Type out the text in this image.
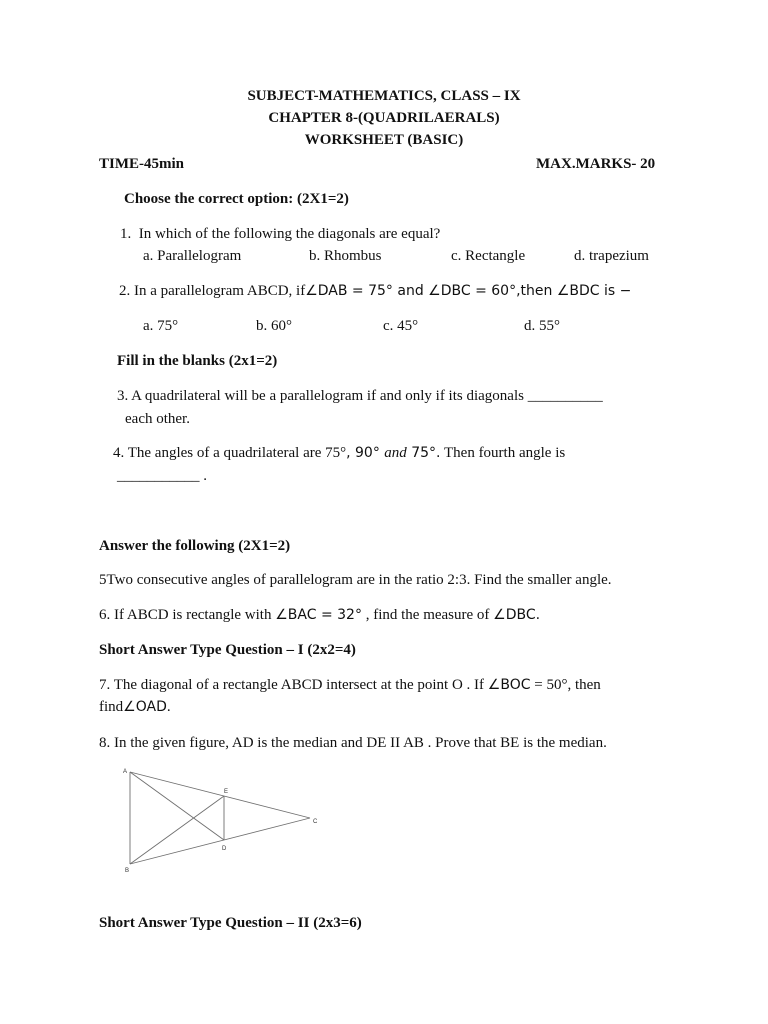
SUBJECT-MATHEMATICS, CLASS – IX
CHAPTER 8-(QUADRILAERALS)
WORKSHEET (BASIC)
TIME-45min	MAX.MARKS- 20
Choose the correct option: (2X1=2)
1. In which of the following the diagonals are equal?
a. Parallelogram	b. Rhombus	c. Rectangle	d. trapezium
2. In a parallelogram ABCD, if∠DAB = 75° and ∠DBC = 60°,then ∠BDC is −
a. 75°	b. 60°	c. 45°	d. 55°
Fill in the blanks (2x1=2)
3. A quadrilateral will be a parallelogram if and only if its diagonals __________
each other.
4. The angles of a quadrilateral are 75°, 90° and 75°. Then fourth angle is
___________ .
Answer the following (2X1=2)
5Two consecutive angles of parallelogram are in the ratio 2:3. Find the smaller angle.
6. If ABCD is rectangle with ∠BAC = 32° , find the measure of ∠DBC.
Short Answer Type Question – I (2x2=4)
7. The diagonal of a rectangle ABCD intersect at the point O . If ∠BOC = 50°, then
find∠OAD.
8. In the given figure, AD is the median and DE II AB . Prove that BE is the median.
A
B
C
D
E
Short Answer Type Question – II (2x3=6)
